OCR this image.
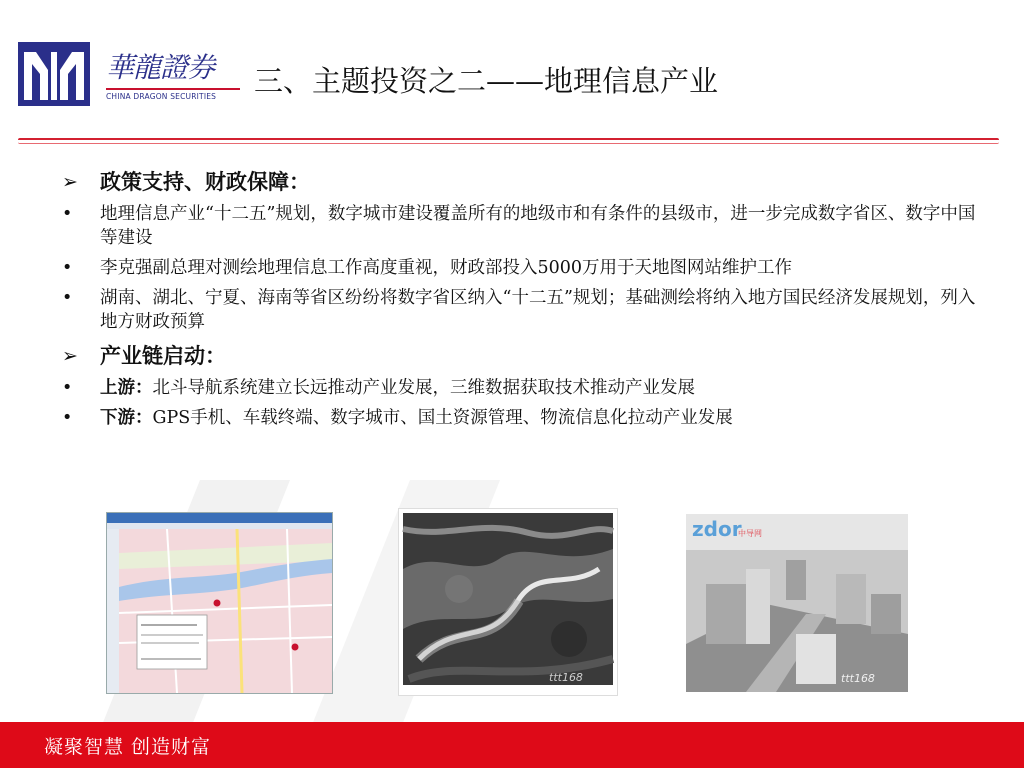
華龍證券
CHINA DRAGON SECURITIES 三、主题投资之二——地理信息产业
➢	政策支持、财政保障：
•	地理信息产业“十二五”规划，数字城市建设覆盖所有的地级市和有条件的县级市，进一步完成数字省区、数字中国等建设
•	李克强副总理对测绘地理信息工作高度重视，财政部投入5000万用于天地图网站维护工作
•	湖南、湖北、宁夏、海南等省区纷纷将数字省区纳入“十二五”规划；基础测绘将纳入地方国民经济发展规划，列入地方财政预算
➢	产业链启动：
•	上游：北斗导航系统建立长远推动产业发展，三维数据获取技术推动产业发展
•	下游：GPS手机、车载终端、数字城市、国土资源管理、物流信息化拉动产业发展
ttt168
zdor
中导网
ttt168
凝聚智慧 创造财富
